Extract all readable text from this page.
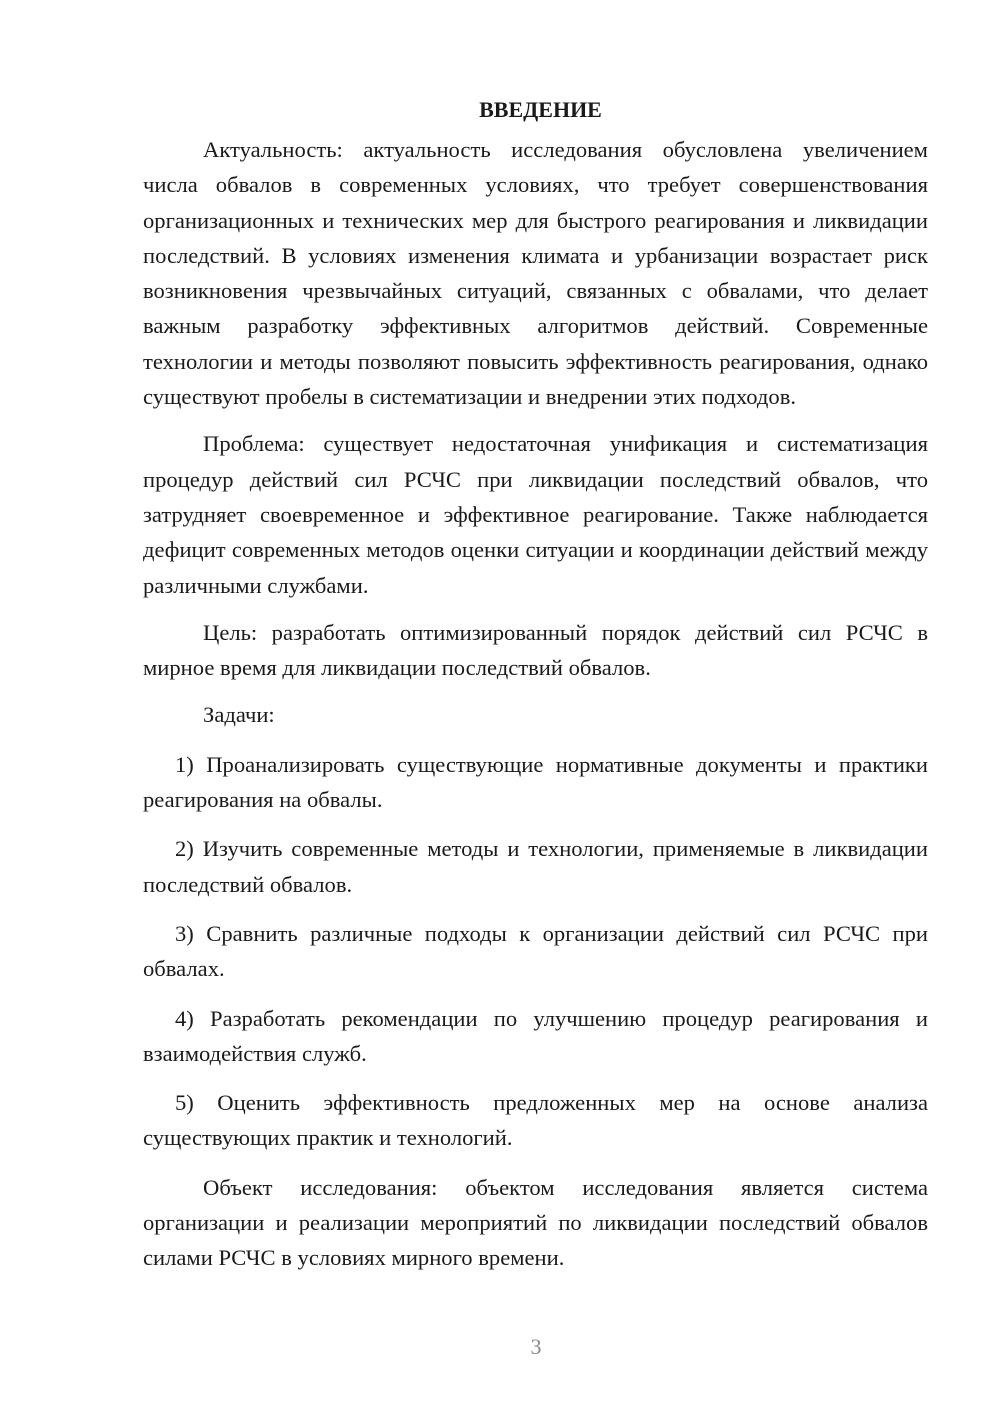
ВВЕДЕНИЕ

Актуальность: актуальность исследования обусловлена увеличением числа обвалов в современных условиях, что требует совершенствования организационных и технических мер для быстрого реагирования и ликвидации последствий. В условиях изменения климата и урбанизации возрастает риск возникновения чрезвычайных ситуаций, связанных с обвалами, что делает важным разработку эффективных алгоритмов действий. Современные технологии и методы позволяют повысить эффективность реагирования, однако существуют пробелы в систематизации и внедрении этих подходов.

Проблема: существует недостаточная унификация и систематизация процедур действий сил РСЧС при ликвидации последствий обвалов, что затрудняет своевременное и эффективное реагирование. Также наблюдается дефицит современных методов оценки ситуации и координации действий между различными службами.

Цель: разработать оптимизированный порядок действий сил РСЧС в мирное время для ликвидации последствий обвалов.

Задачи:

1) Проанализировать существующие нормативные документы и практики реагирования на обвалы.

2) Изучить современные методы и технологии, применяемые в ликвидации последствий обвалов.

3) Сравнить различные подходы к организации действий сил РСЧС при обвалах.

4) Разработать рекомендации по улучшению процедур реагирования и взаимодействия служб.

5) Оценить эффективность предложенных мер на основе анализа существующих практик и технологий.

Объект исследования: объектом исследования является система организации и реализации мероприятий по ликвидации последствий обвалов силами РСЧС в условиях мирного времени.

3
